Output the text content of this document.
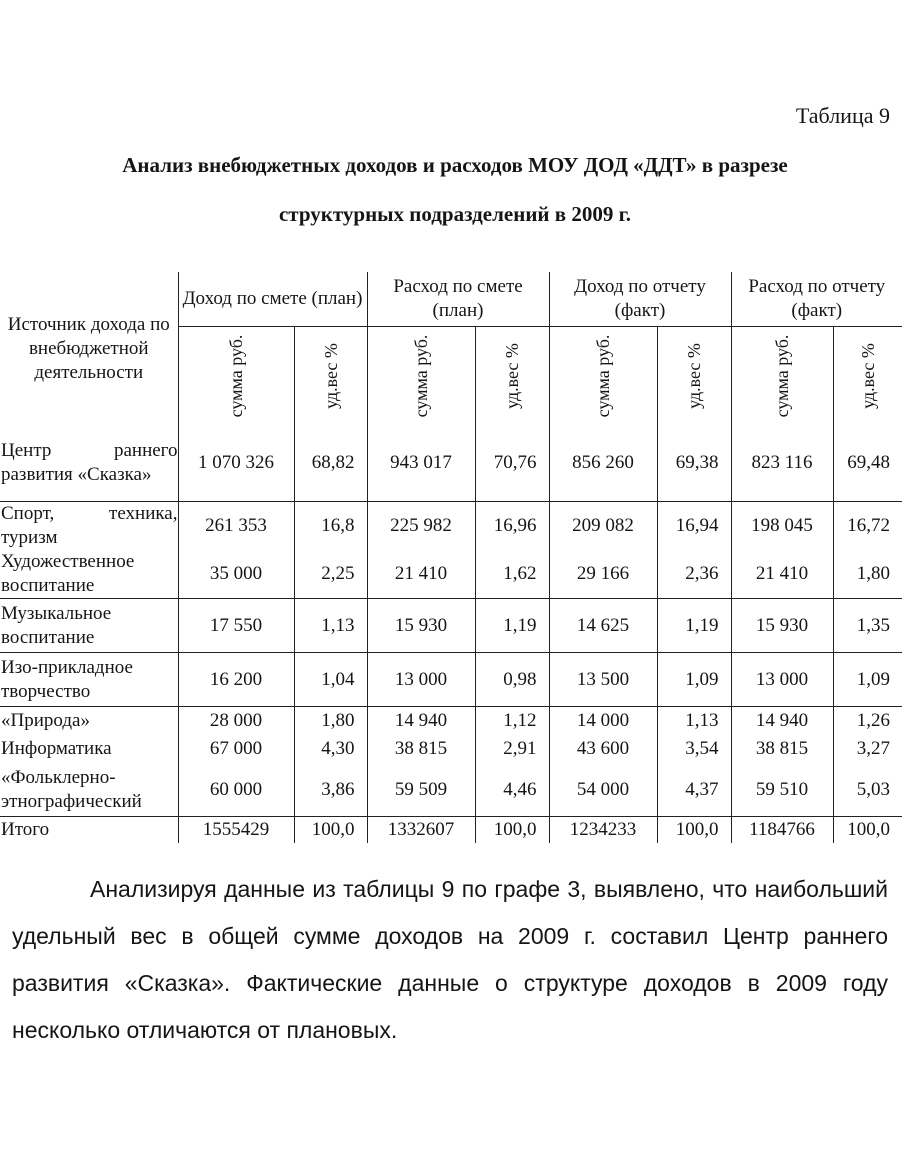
Таблица 9
Анализ внебюджетных доходов и расходов МОУ ДОД «ДДТ» в разрезе
структурных подразделений в 2009 г.
Источник дохода по внебюджетной деятельности	Доход по смете (план)		Расход по смете (план)		Доход по отчету (факт)		Расход по отчету (факт)	

	сумма руб.	уд.вес %	сумма руб.	уд.вес %	сумма руб.	уд.вес %	сумма руб.	уд.вес %

Центр раннего развития «Сказка»	1 070 326	68,82	943 017	70,76	856 260	69,38	823 116	69,48
Спорт, техника, туризм	261 353	16,8	225 982	16,96	209 082	16,94	198 045	16,72
Художественное воспитание	35 000	2,25	21 410	1,62	29 166	2,36	21 410	1,80
Музыкальное воспитание	17 550	1,13	15 930	1,19	14 625	1,19	15 930	1,35
Изо-прикладное творчество	16 200	1,04	13 000	0,98	13 500	1,09	13 000	1,09
«Природа»	28 000	1,80	14 940	1,12	14 000	1,13	14 940	1,26
Информатика	67 000	4,30	38 815	2,91	43 600	3,54	38 815	3,27
«Фольклерно-этнографический	60 000	3,86	59 509	4,46	54 000	4,37	59 510	5,03
Итого	1555429	100,0	1332607	100,0	1234233	100,0	1184766	100,0

Анализируя данные из таблицы 9 по графе 3, выявлено, что наибольший удельный вес в общей сумме доходов на 2009 г. составил Центр раннего развития «Сказка». Фактические данные о структуре доходов в 2009 году несколько отличаются от плановых.
